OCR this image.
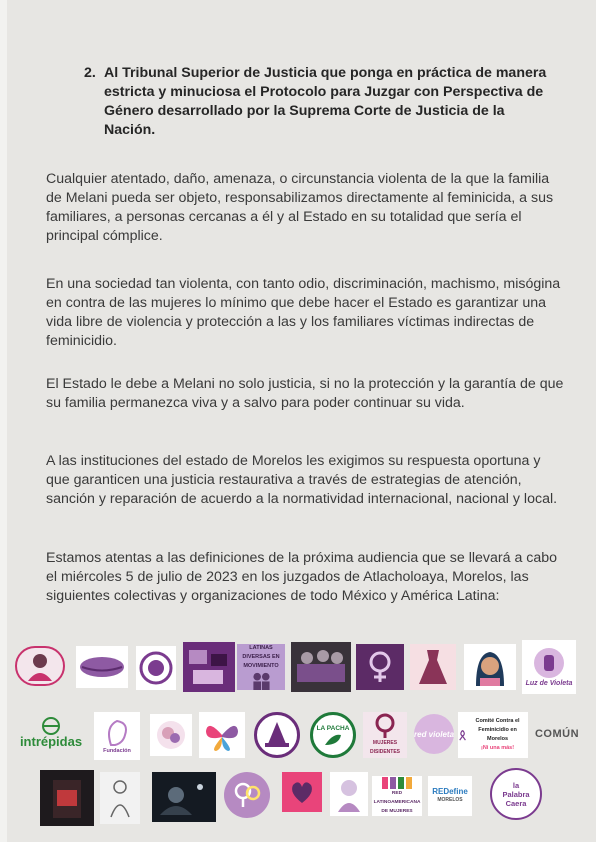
2. Al Tribunal Superior de Justicia que ponga en práctica de manera estricta y minuciosa el Protocolo para Juzgar con Perspectiva de Género desarrollado por la Suprema Corte de Justicia de la Nación.

Cualquier atentado, daño, amenaza, o circunstancia violenta de la que la familia de Melani pueda ser objeto, responsabilizamos directamente al feminicida, a sus familiares, a personas cercanas a él y al Estado en su totalidad que sería el principal cómplice.

En una sociedad tan violenta, con tanto odio, discriminación, machismo, misógina en contra de las mujeres lo mínimo que debe hacer el Estado es garantizar una vida libre de violencia y protección a las y los familiares víctimas indirectas de feminicidio.

El Estado le debe a Melani no solo justicia, si no la protección y la garantía de que su familia permanezca viva y a salvo para poder continuar su vida.

A las instituciones del estado de Morelos les exigimos su respuesta oportuna y que garanticen una justicia restaurativa a través de estrategias de atención, sanción y reparación de acuerdo a la normatividad internacional, nacional y local.

Estamos atentas a las definiciones de la próxima audiencia que se llevará a cabo el miércoles 5 de julio de 2023 en los juzgados de Atlacholoaya, Morelos, las siguientes colectivas y organizaciones de todo México y América Latina:

LATINAS DIVERSAS EN MOVIMIENTO
Luz de Violeta
intrépidas
Fundación
LA PACHA
MUJERES DISIDENTES
red violeta
Comité Contra el Feminicidio en Morelos
¡Ni una más!
COMÚN
RED LATINOAMERICANA DE MUJERES
REDefine
MORELOS
la
Palabra
Caera
